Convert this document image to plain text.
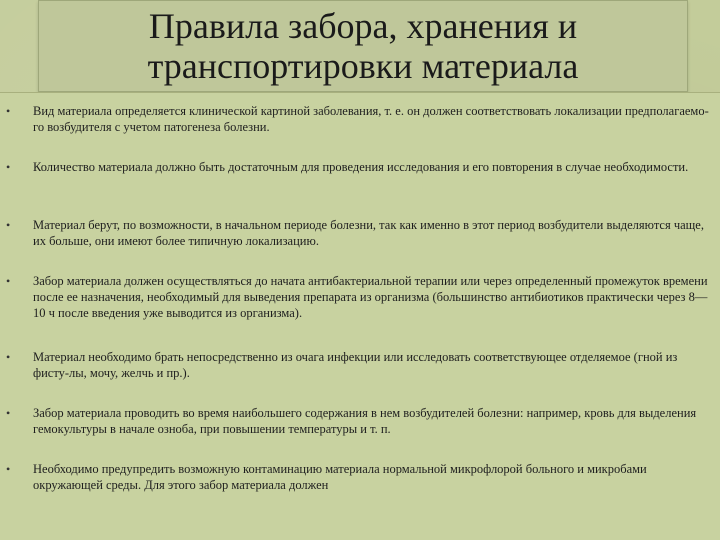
Правила забора, хранения и транспортировки материала
• Вид материала определяется клинической картиной заболевания, т. е. он должен соответствовать локализации предполагаемо-го возбудителя с учетом патогенеза болезни.
• Количество материала должно быть достаточным для проведения исследования и его повторения в случае необходимости.
• Материал берут, по возможности, в начальном периоде болезни, так как именно в этот период возбудители выделяются чаще, их больше, они имеют более типичную локализацию.
• Забор материала должен осуществляться до начата антибактериальной терапии или через определенный промежуток времени после ее назначения, необходимый для выведения препарата из организма (большинство антибиотиков практически через 8—10 ч после введения уже выводится из организма).
• Материал необходимо брать непосредственно из очага инфекции или исследовать соответствующее отделяемое (гной из фисту-лы, мочу, желчь и пр.).
• Забор материала проводить во время наибольшего содержания в нем возбудителей болезни: например, кровь для выделения гемокультуры в начале озноба, при повышении температуры и т. п.
• Необходимо предупредить возможную контаминацию материала нормальной микрофлорой больного и микробами окружающей среды. Для этого забор материала должен
